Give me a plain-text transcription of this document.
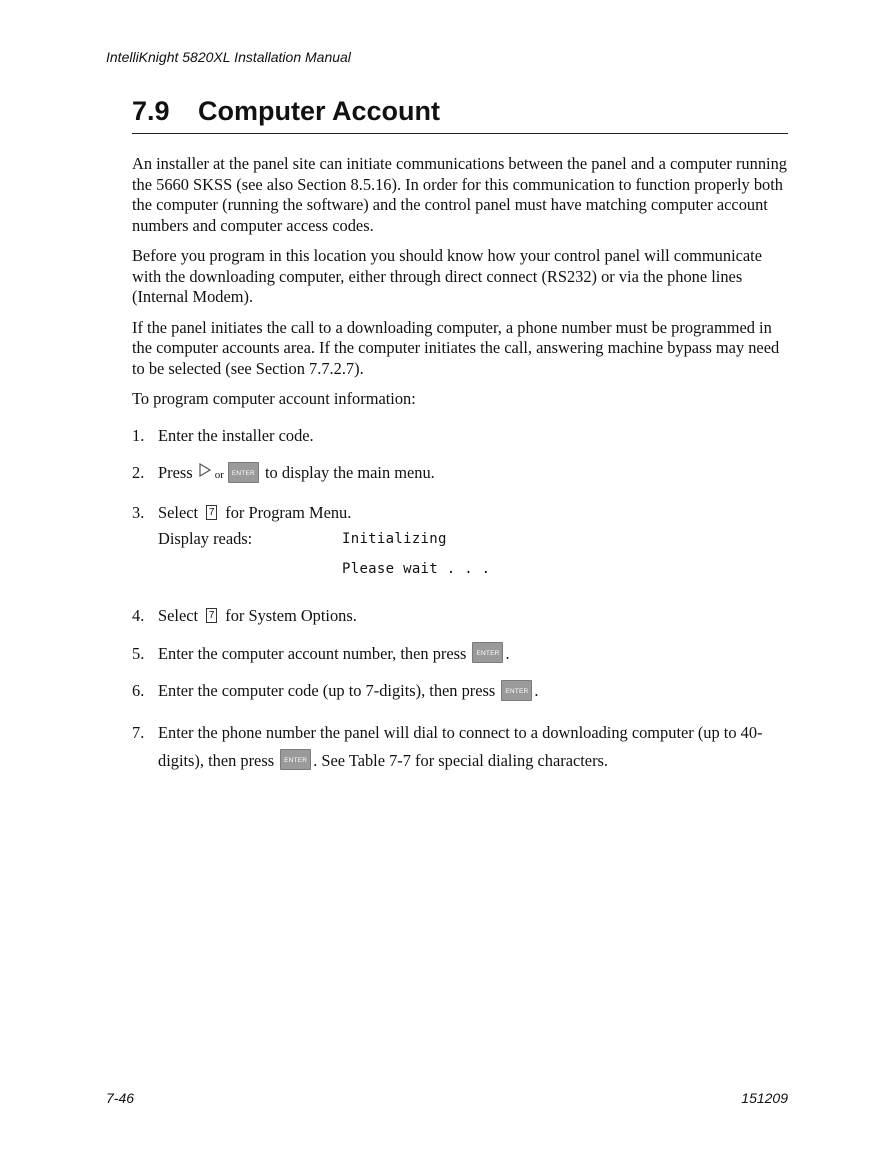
IntelliKnight 5820XL Installation Manual
7.9 Computer Account

An installer at the panel site can initiate communications between the panel and a computer running the 5660 SKSS (see also Section 8.5.16). In order for this communication to function properly both the computer (running the software) and the control panel must have matching computer account numbers and computer access codes.

Before you program in this location you should know how your control panel will communicate with the downloading computer, either through direct connect (RS232) or via the phone lines (Internal Modem).

If the panel initiates the call to a downloading computer, a phone number must be programmed in the computer accounts area. If the computer initiates the call, answering machine bypass may need to be selected (see Section 7.7.2.7).

To program computer account information:

1. Enter the installer code.
2. Press or ENTER to display the main menu.
3. Select 7 for Program Menu.
Display reads:	Initializing
Please wait . . .
4. Select 7 for System Options.
5. Enter the computer account number, then press ENTER .
6. Enter the computer code (up to 7-digits), then press ENTER .
7. Enter the phone number the panel will dial to connect to a downloading computer (up to 40-digits), then press ENTER . See Table 7-7 for special dialing characters.
7-46	151209
